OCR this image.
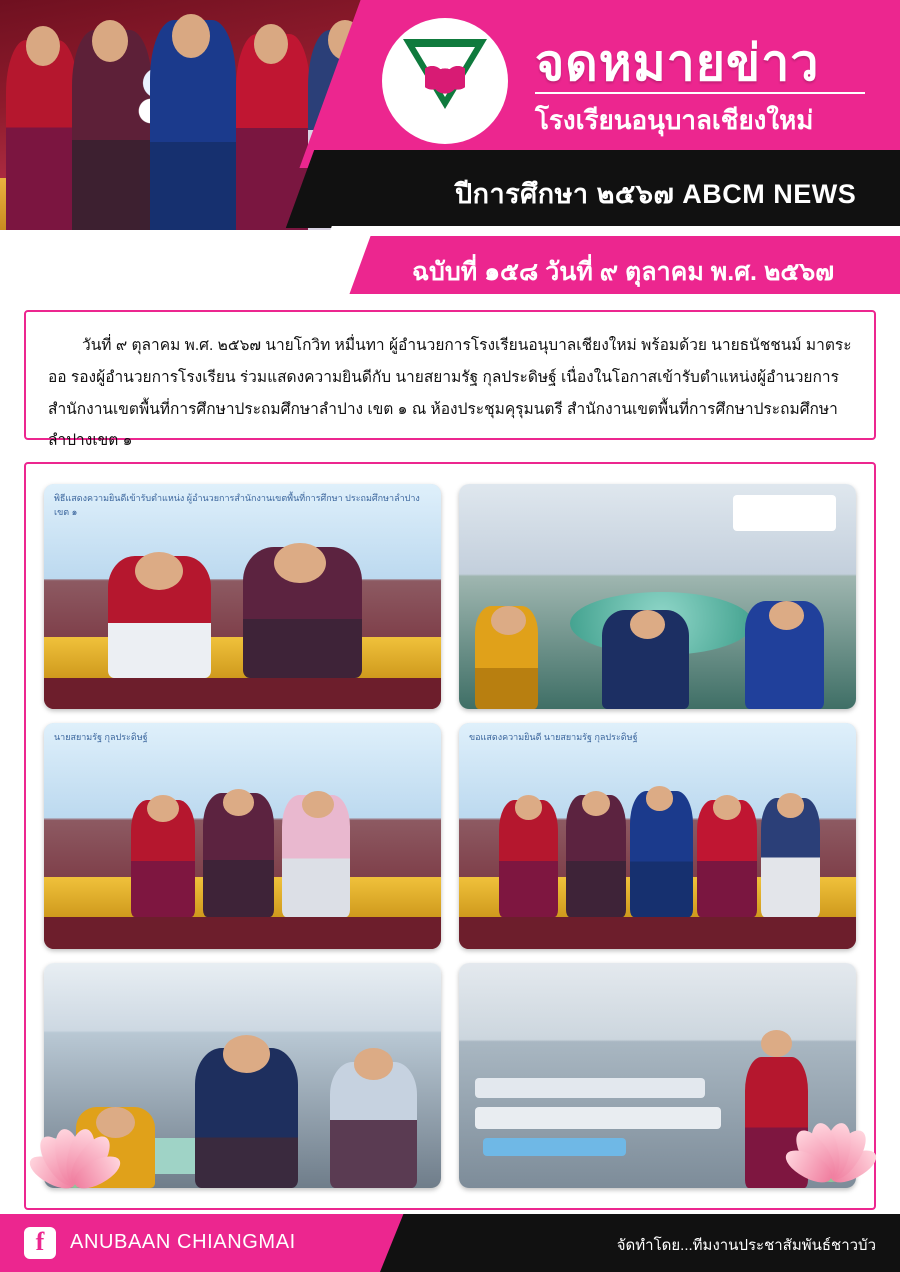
จดหมายข่าว
โรงเรียนอนุบาลเชียงใหม่
ปีการศึกษา ๒๕๖๗ ABCM NEWS
ฉบับที่ ๑๕๘ วันที่ ๙ ตุลาคม พ.ศ. ๒๕๖๗

วันที่ ๙ ตุลาคม พ.ศ. ๒๕๖๗ นายโกวิท หมื่นทา ผู้อำนวยการโรงเรียนอนุบาลเชียงใหม่ พร้อมด้วย นายธนัชชนม์ มาตระออ รองผู้อำนวยการโรงเรียน ร่วมแสดงความยินดีกับ นายสยามรัฐ กุลประดิษฐ์ เนื่องในโอกาสเข้ารับตำแหน่งผู้อำนวยการสำนักงานเขตพื้นที่การศึกษาประถมศึกษาลำปาง เขต ๑ ณ ห้องประชุมคุรุมนตรี สำนักงานเขตพื้นที่การศึกษาประถมศึกษาลำปางเขต ๑

พิธีแสดงความยินดีเข้ารับตำแหน่ง ผู้อำนวยการสำนักงานเขตพื้นที่การศึกษา ประถมศึกษาลำปาง เขต ๑
นายสยามรัฐ กุลประดิษฐ์	ขอแสดงความยินดี นายสยามรัฐ กุลประดิษฐ์
f	ANUBAAN CHIANGMAI	จัดทำโดย...ทีมงานประชาสัมพันธ์ชาวบัว
